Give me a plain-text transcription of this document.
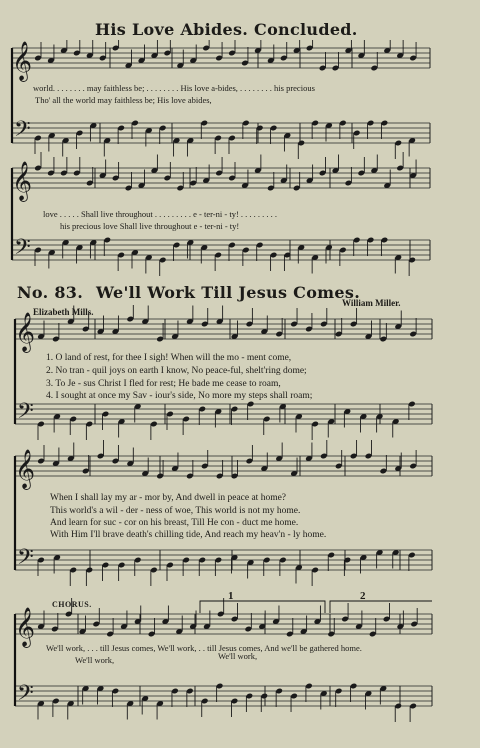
His Love Abides. Concluded.
𝄞
𝄢
𝄞
𝄢
world. . . . . . . . may faithless be; . . . . . . . . His love a-bides, . . . . . . . . his precious
Tho' all the world may faithless be; His love abides,
love . . . . . Shall live throughout . . . . . . . . . e - ter-ni - ty! . . . . . . . . .
his precious love Shall live throughout e - ter-ni - ty!
No. 83. We'll Work Till Jesus Comes.
William Miller.
Elizabeth Mills.
𝄞
𝄢
𝄞
𝄢
𝄞
𝄢
1. O land of rest, for thee I sigh! When will the mo - ment come,
2. No tran - quil joys on earth I know, No peace-ful, shelt'ring dome;
3. To Je - sus Christ I fled for rest; He bade me cease to roam,
4. I sought at once my Sav - iour's side, No more my steps shall roam;
When I shall lay my ar - mor by, And dwell in peace at home?
This world's a wil - der - ness of woe, This world is not my home.
And learn for suc - cor on his breast, Till He con - duct me home.
With Him I'll brave death's chilling tide, And reach my heav'n - ly home.
CHORUS.
1	2
We'll work, . . . till Jesus comes, We'll work, . . till Jesus comes, And we'll be gathered home.
We'll work,	We'll work,
